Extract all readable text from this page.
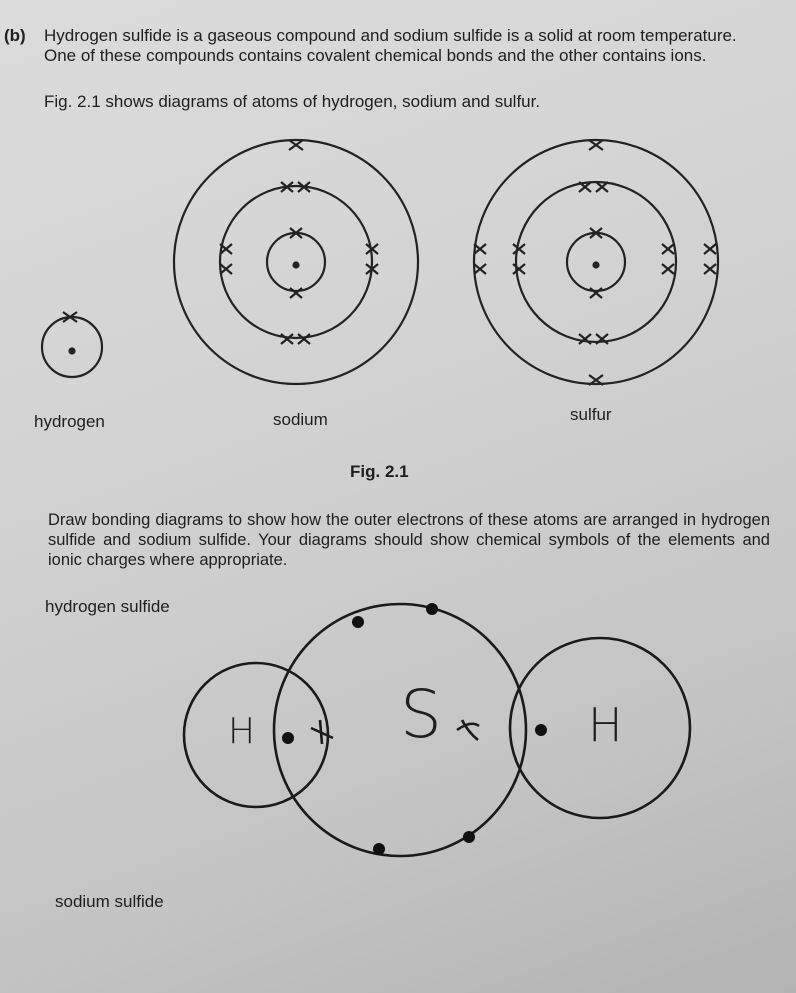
(b) Hydrogen sulfide is a gaseous compound and sodium sulfide is a solid at room temperature.
One of these compounds contains covalent chemical bonds and the other contains ions.
Fig. 2.1 shows diagrams of atoms of hydrogen, sodium and sulfur.
hydrogen	sodium	sulfur
Fig. 2.1
Draw bonding diagrams to show how the outer electrons of these atoms are arranged in hydrogen sulfide and sodium sulfide. Your diagrams should show chemical symbols of the elements and ionic charges where appropriate.
hydrogen sulfide
H S	H
sodium sulfide
